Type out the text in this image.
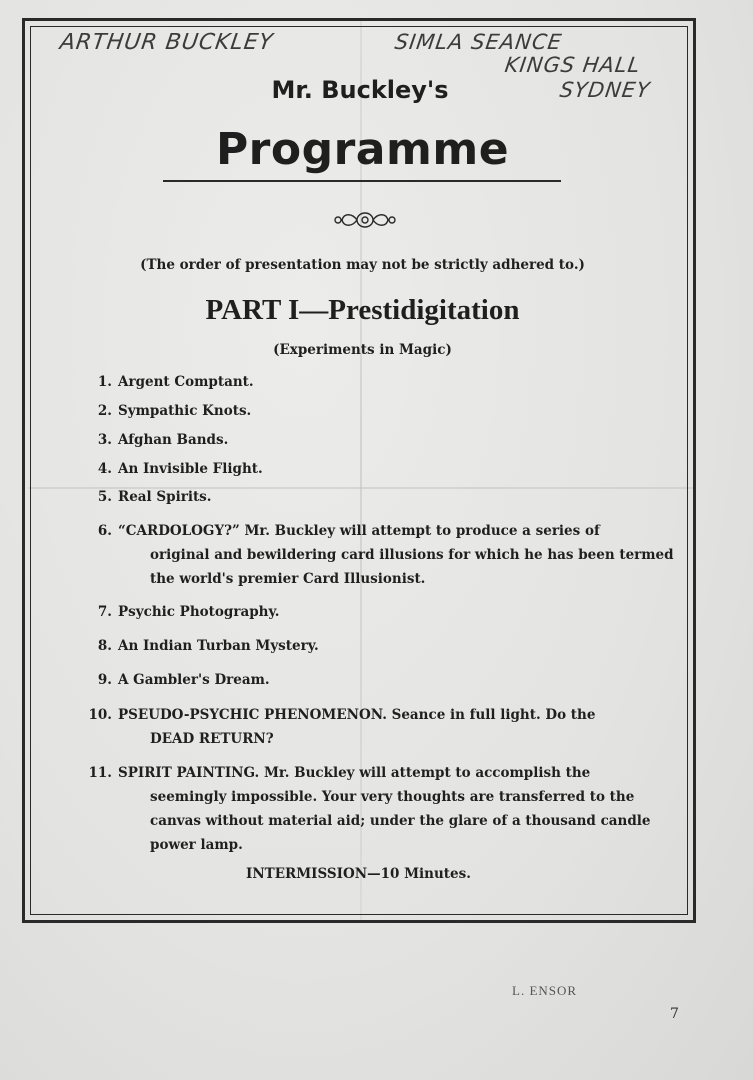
ARTHUR BUCKLEY	SIMLA SEANCE
KINGS HALL
SYDNEY
Mr. Buckley's
Programme
(The order of presentation may not be strictly adhered to.)
PART I—Prestidigitation
(Experiments in Magic)
1. Argent Comptant.
2. Sympathic Knots.
3. Afghan Bands.
4. An Invisible Flight.
5. Real Spirits.
6. “CARDOLOGY?” Mr. Buckley will attempt to produce a series of
original and bewildering card illusions for which he has been termed
the world's premier Card Illusionist.
7. Psychic Photography.
8. An Indian Turban Mystery.
9. A Gambler's Dream.
10. PSEUDO-PSYCHIC PHENOMENON. Seance in full light. Do the
DEAD RETURN?
11. SPIRIT PAINTING. Mr. Buckley will attempt to accomplish the
seemingly impossible. Your very thoughts are transferred to the
canvas without material aid; under the glare of a thousand candle
power lamp.
INTERMISSION—10 Minutes.
L. ENSOR
7
